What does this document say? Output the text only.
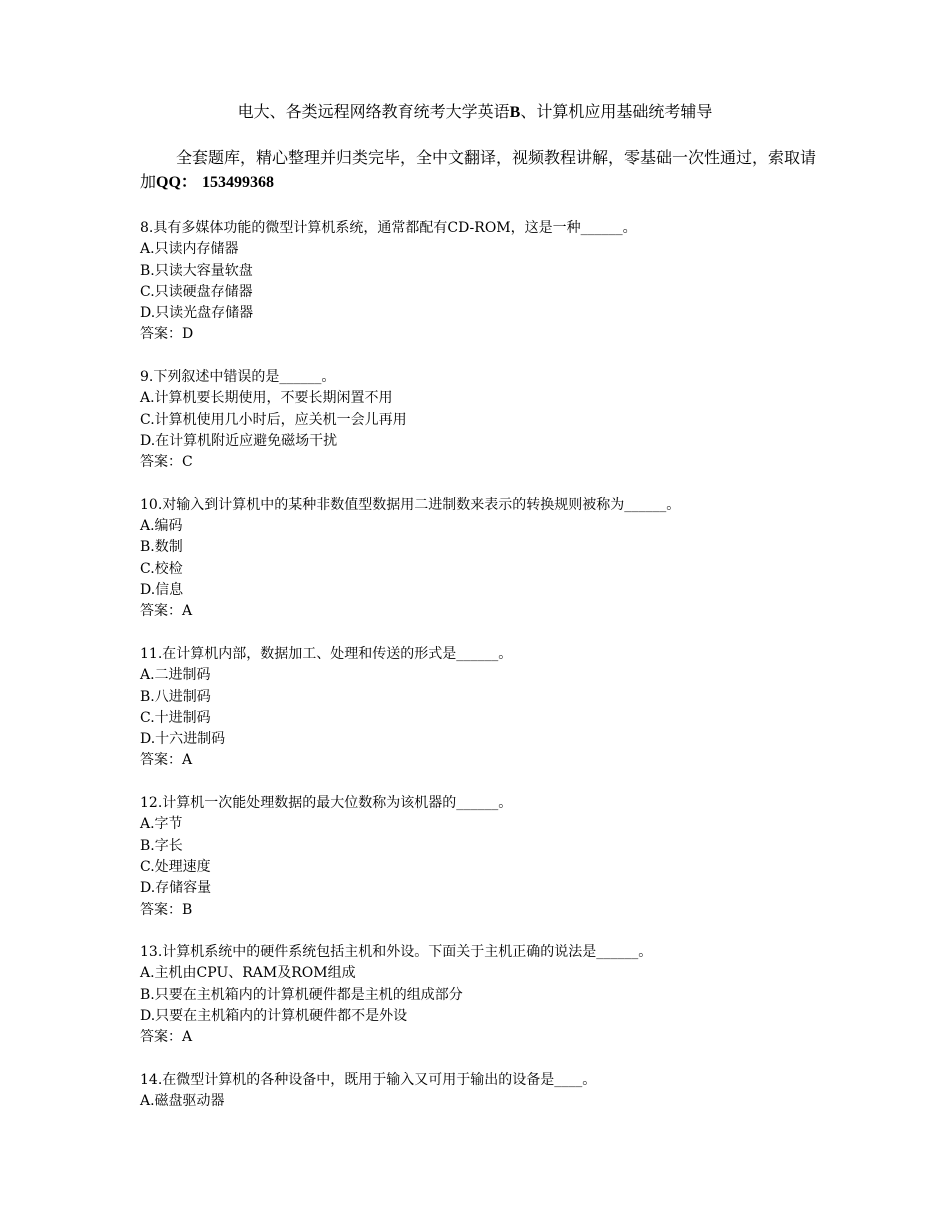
电大、各类远程网络教育统考大学英语B、计算机应用基础统考辅导
全套题库，精心整理并归类完毕，全中文翻译，视频教程讲解，零基础一次性通过，索取请加QQ： 153499368
8.具有多媒体功能的微型计算机系统，通常都配有CD-ROM，这是一种______。
A.只读内存储器
B.只读大容量软盘
C.只读硬盘存储器
D.只读光盘存储器
答案：D
9.下列叙述中错误的是______。
A.计算机要长期使用，不要长期闲置不用
C.计算机使用几小时后，应关机一会儿再用
D.在计算机附近应避免磁场干扰
答案：C
10.对输入到计算机中的某种非数值型数据用二进制数来表示的转换规则被称为______。
A.编码
B.数制
C.校检
D.信息
答案：A
11.在计算机内部，数据加工、处理和传送的形式是______。
A.二进制码
B.八进制码
C.十进制码
D.十六进制码
答案：A
12.计算机一次能处理数据的最大位数称为该机器的______。
A.字节
B.字长
C.处理速度
D.存储容量
答案：B
13.计算机系统中的硬件系统包括主机和外设。下面关于主机正确的说法是______。
A.主机由CPU、RAM及ROM组成
B.只要在主机箱内的计算机硬件都是主机的组成部分
D.只要在主机箱内的计算机硬件都不是外设
答案：A
14.在微型计算机的各种设备中，既用于输入又可用于输出的设备是____。
A.磁盘驱动器
